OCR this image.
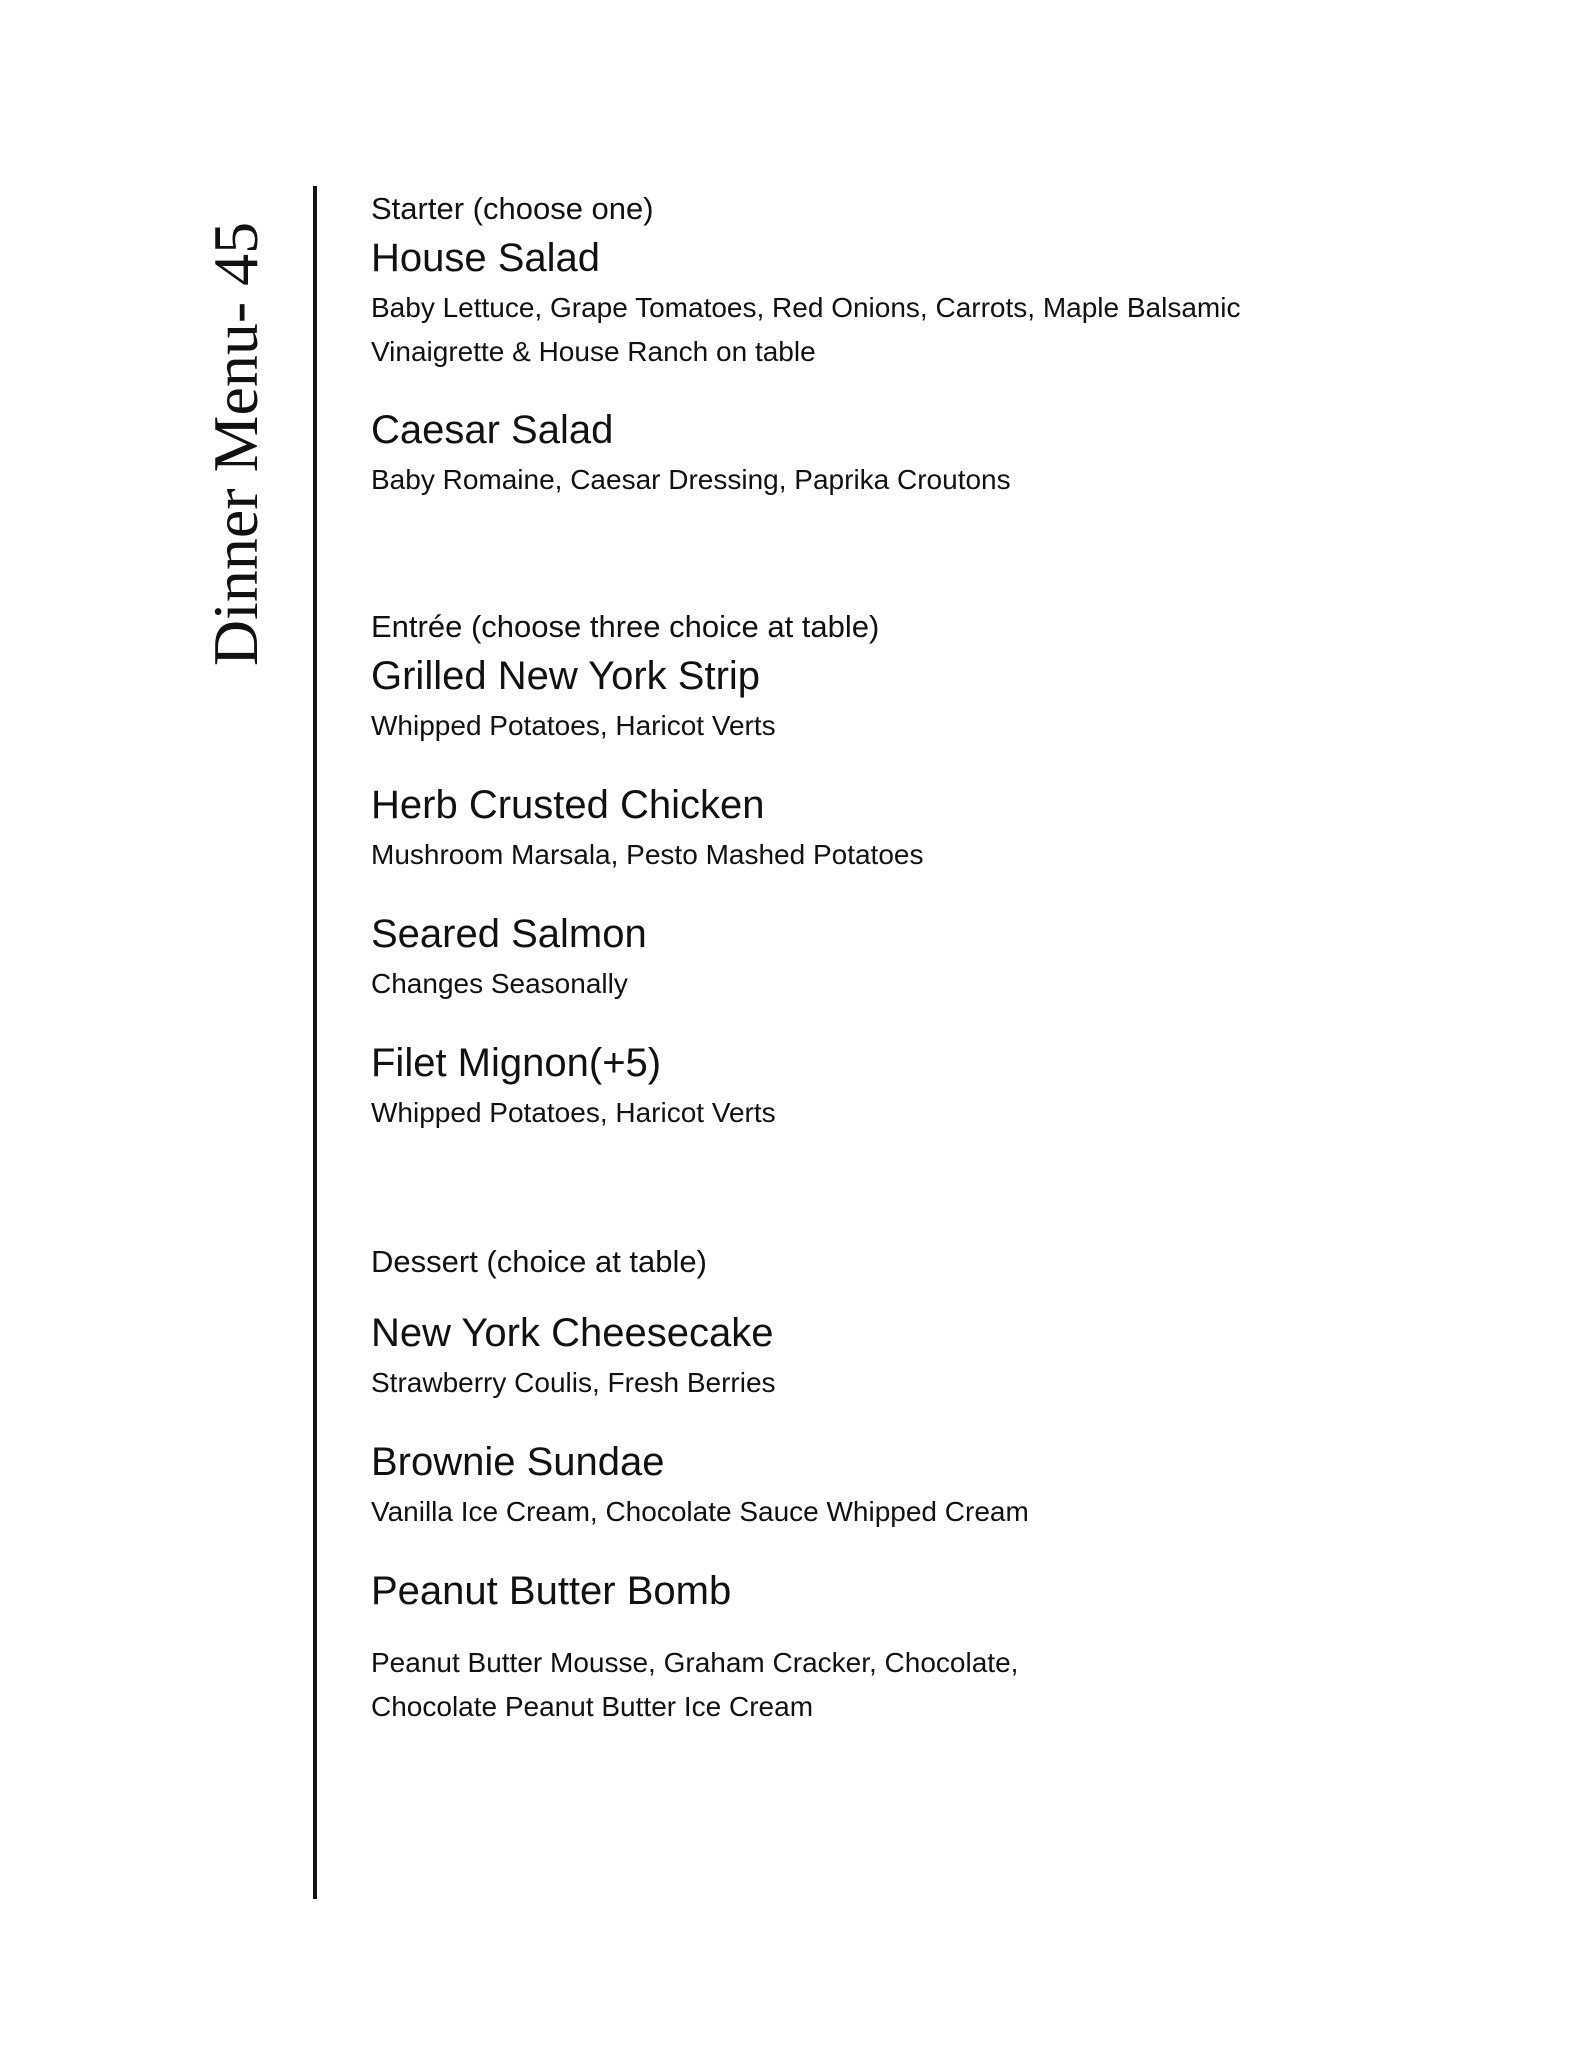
Dinner Menu- 45
Starter (choose one)
House Salad
Baby Lettuce, Grape Tomatoes, Red Onions, Carrots, Maple Balsamic
Vinaigrette & House Ranch on table
Caesar Salad
Baby Romaine, Caesar Dressing, Paprika Croutons
Entrée (choose three choice at table)
Grilled New York Strip
Whipped Potatoes, Haricot Verts
Herb Crusted Chicken
Mushroom Marsala, Pesto Mashed Potatoes
Seared Salmon
Changes Seasonally
Filet Mignon(+5)
Whipped Potatoes, Haricot Verts
Dessert (choice at table)
New York Cheesecake
Strawberry Coulis, Fresh Berries
Brownie Sundae
Vanilla Ice Cream, Chocolate Sauce Whipped Cream
Peanut Butter Bomb
Peanut Butter Mousse, Graham Cracker, Chocolate,
Chocolate Peanut Butter Ice Cream
